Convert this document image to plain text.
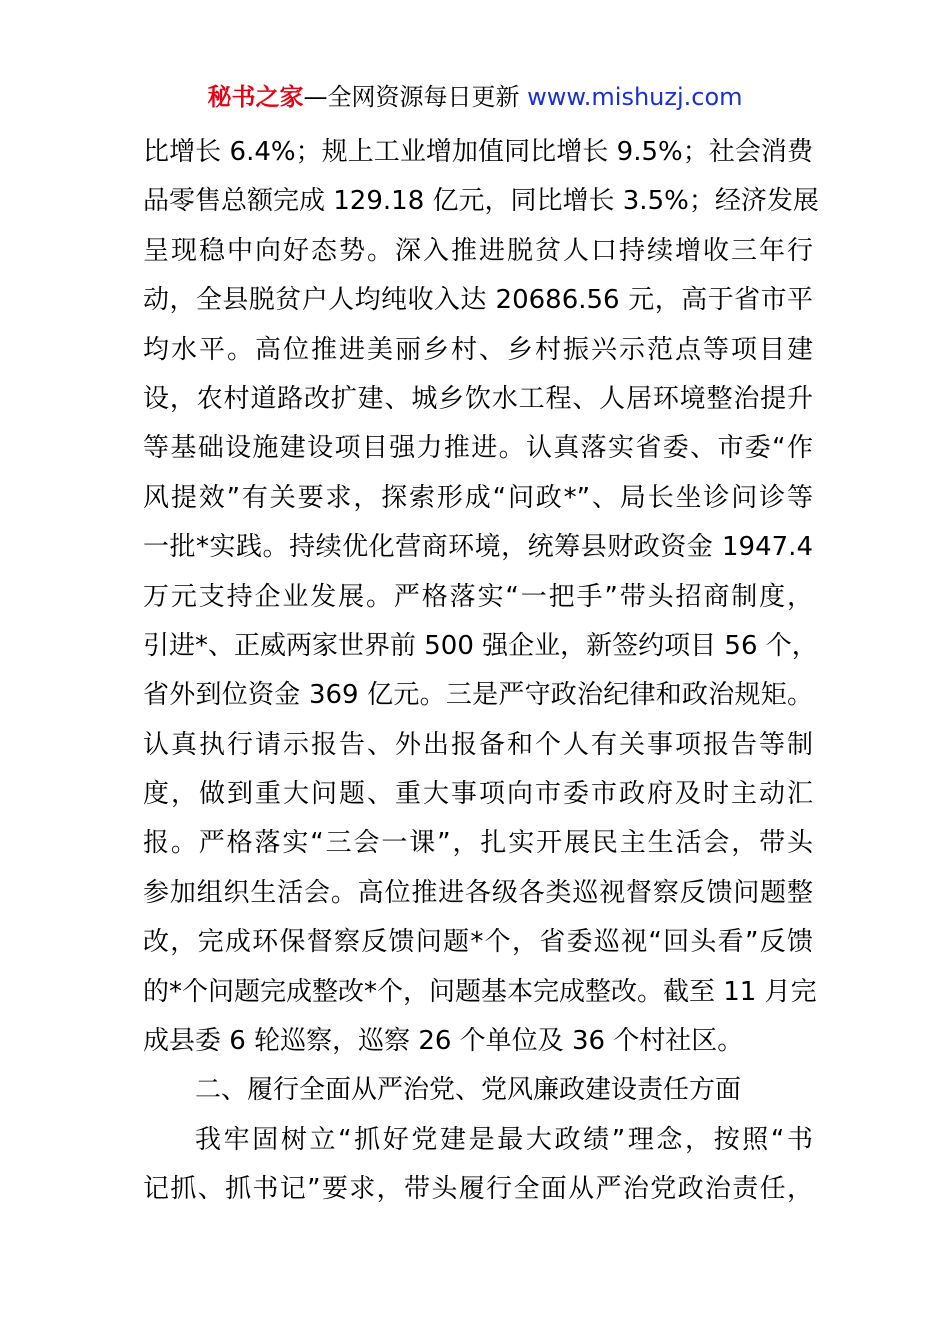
秘书之家—全网资源每日更新 www.mishuzj.com
比增长 6.4%；规上工业增加值同比增长 9.5%；社会消费
品零售总额完成 129.18 亿元，同比增长 3.5%；经济发展
呈现稳中向好态势。深入推进脱贫人口持续增收三年行
动，全县脱贫户人均纯收入达 20686.56 元，高于省市平
均水平。高位推进美丽乡村、乡村振兴示范点等项目建
设，农村道路改扩建、城乡饮水工程、人居环境整治提升
等基础设施建设项目强力推进。认真落实省委、市委“作
风提效”有关要求，探索形成“问政*”、局长坐诊问诊等
一批*实践。持续优化营商环境，统筹县财政资金 1947.4
万元支持企业发展。严格落实“一把手”带头招商制度，
引进*、正威两家世界前 500 强企业，新签约项目 56 个，
省外到位资金 369 亿元。三是严守政治纪律和政治规矩。
认真执行请示报告、外出报备和个人有关事项报告等制
度，做到重大问题、重大事项向市委市政府及时主动汇
报。严格落实“三会一课”，扎实开展民主生活会，带头
参加组织生活会。高位推进各级各类巡视督察反馈问题整
改，完成环保督察反馈问题*个，省委巡视“回头看”反馈
的*个问题完成整改*个，问题基本完成整改。截至 11 月完
成县委 6 轮巡察，巡察 26 个单位及 36 个村社区。
二、履行全面从严治党、党风廉政建设责任方面
我牢固树立“抓好党建是最大政绩”理念，按照“书
记抓、抓书记”要求，带头履行全面从严治党政治责任，
